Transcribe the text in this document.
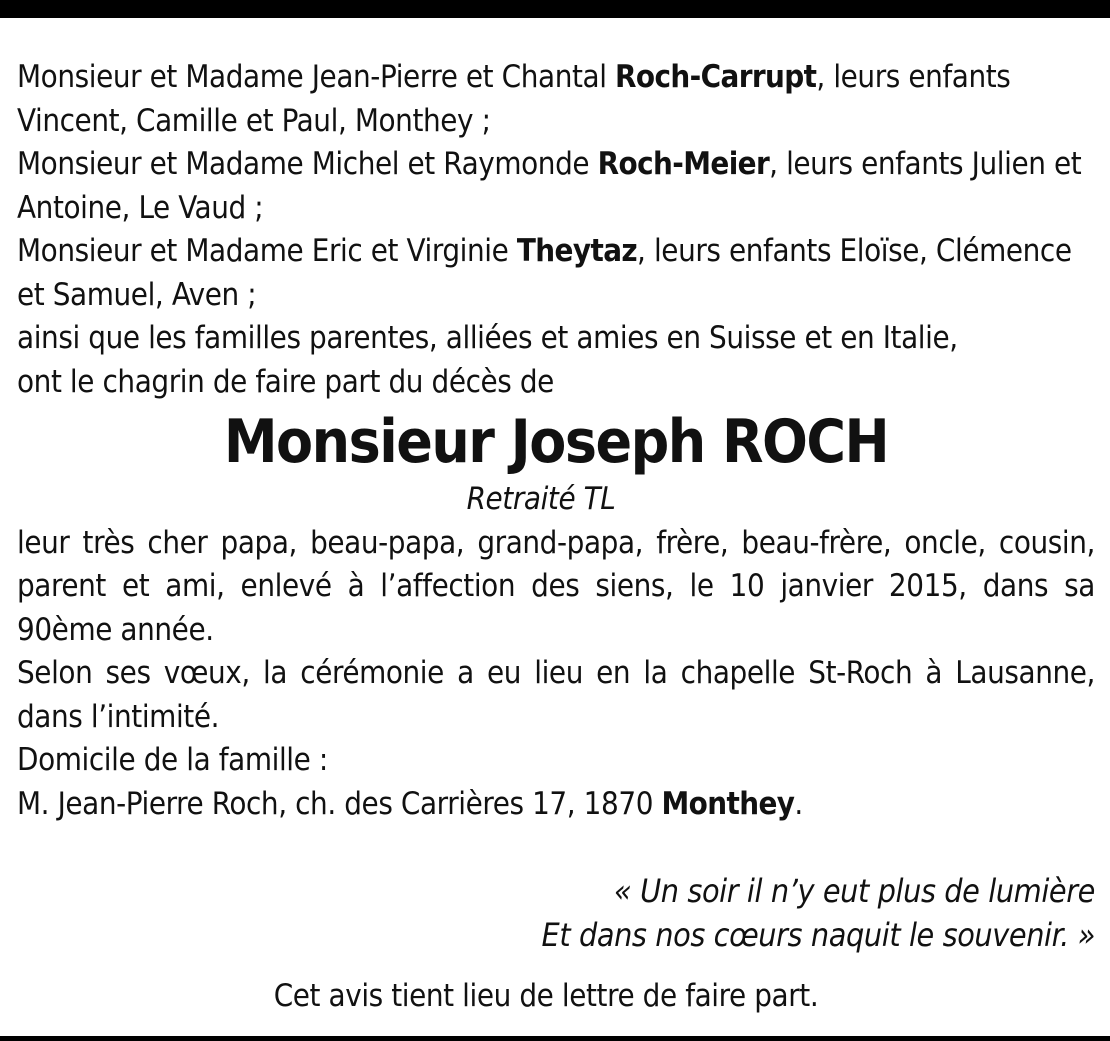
Monsieur et Madame Jean-Pierre et Chantal Roch-Carrupt, leurs enfants Vincent, Camille et Paul, Monthey ;

Monsieur et Madame Michel et Raymonde Roch-Meier, leurs enfants Julien et Antoine, Le Vaud ;

Monsieur et Madame Eric et Virginie Theytaz, leurs enfants Eloïse, Clémence et Samuel, Aven ;

ainsi que les familles parentes, alliées et amies en Suisse et en Italie,

ont le chagrin de faire part du décès de

Monsieur Joseph ROCH

Retraité TL

leur très cher papa, beau-papa, grand-papa, frère, beau-frère, oncle, cousin, parent et ami, enlevé à l’affection des siens, le 10 janvier 2015, dans sa 90ème année.

Selon ses vœux, la cérémonie a eu lieu en la chapelle St-Roch à Lausanne, dans l’intimité.

Domicile de la famille :

M. Jean-Pierre Roch, ch. des Carrières 17, 1870 Monthey.

« Un soir il n’y eut plus de lumière

Et dans nos cœurs naquit le souvenir. »

Cet avis tient lieu de lettre de faire part.
